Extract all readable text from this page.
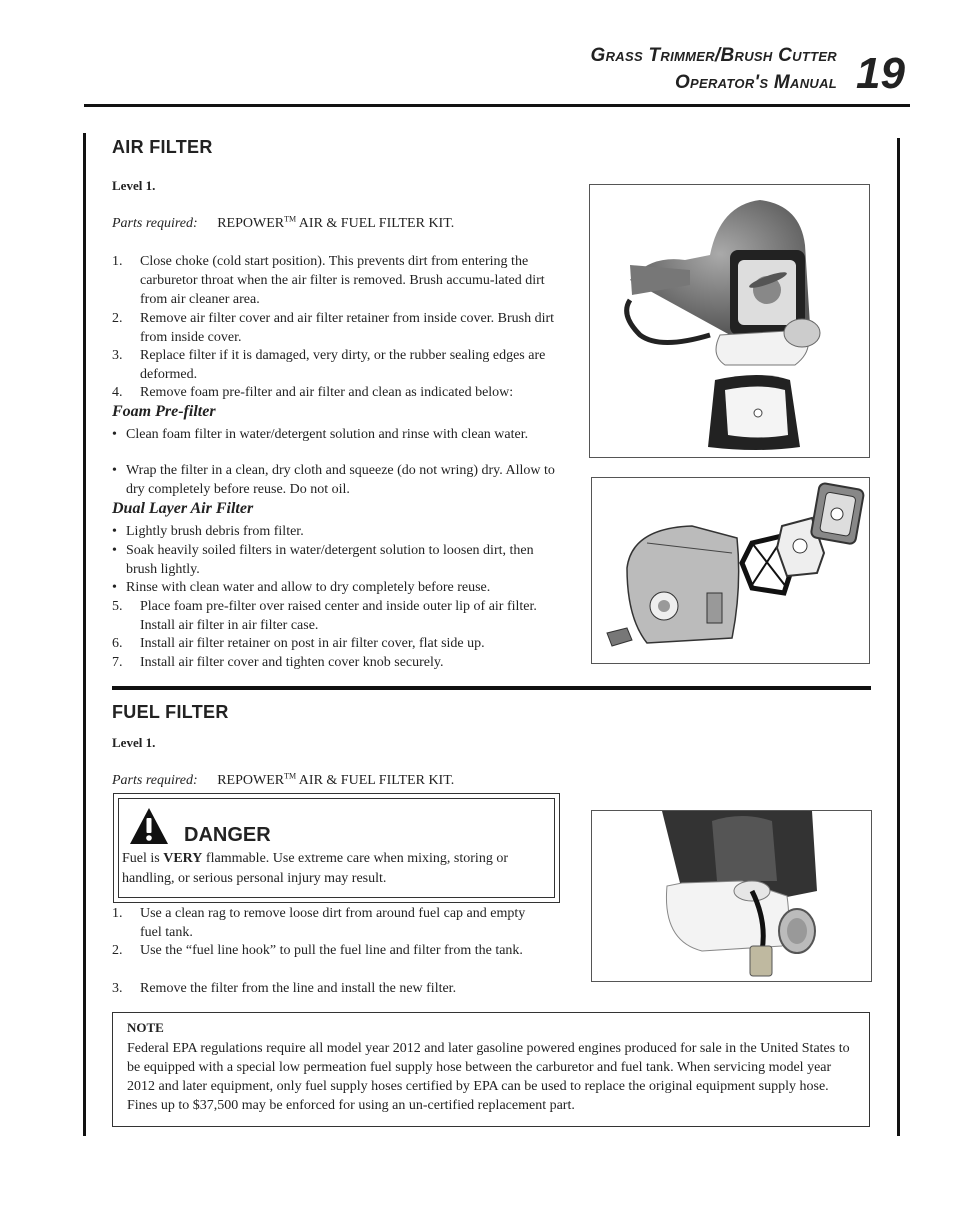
Grass Trimmer/Brush Cutter
Operator's Manual 19
AIR FILTER
Level 1.
Parts required: REPOWER™ AIR & FUEL FILTER KIT.
1. Close choke (cold start position). This prevents dirt from entering the carburetor throat when the air filter is removed. Brush accumu-lated dirt from air cleaner area.
2. Remove air filter cover and air filter retainer from inside cover. Brush dirt from inside cover.
3. Replace filter if it is damaged, very dirty, or the rubber sealing edges are deformed.
4. Remove foam pre-filter and air filter and clean as indicated below:
Foam Pre-filter
• Clean foam filter in water/detergent solution and rinse with clean water.
• Wrap the filter in a clean, dry cloth and squeeze (do not wring) dry. Allow to dry completely before reuse. Do not oil.
Dual Layer Air Filter
• Lightly brush debris from filter.
• Soak heavily soiled filters in water/detergent solution to loosen dirt, then brush lightly.
• Rinse with clean water and allow to dry completely before reuse.
5. Place foam pre-filter over raised center and inside outer lip of air filter. Install air filter in air filter case.
6. Install air filter retainer on post in air filter cover, flat side up.
7. Install air filter cover and tighten cover knob securely.
FUEL FILTER
Level 1.
Parts required: REPOWER™ AIR & FUEL FILTER KIT.
DANGER
Fuel is VERY flammable. Use extreme care when mixing, storing or handling, or serious personal injury may result.
1. Use a clean rag to remove loose dirt from around fuel cap and empty fuel tank.
2. Use the “fuel line hook” to pull the fuel line and filter from the tank.
3. Remove the filter from the line and install the new filter.
NOTE
Federal EPA regulations require all model year 2012 and later gasoline powered engines produced for sale in the United States to be equipped with a special low permeation fuel supply hose between the carburetor and fuel tank. When servicing model year 2012 and later equipment, only fuel supply hoses certified by EPA can be used to replace the original equipment supply hose. Fines up to $37,500 may be enforced for using an un-certified replacement part.
